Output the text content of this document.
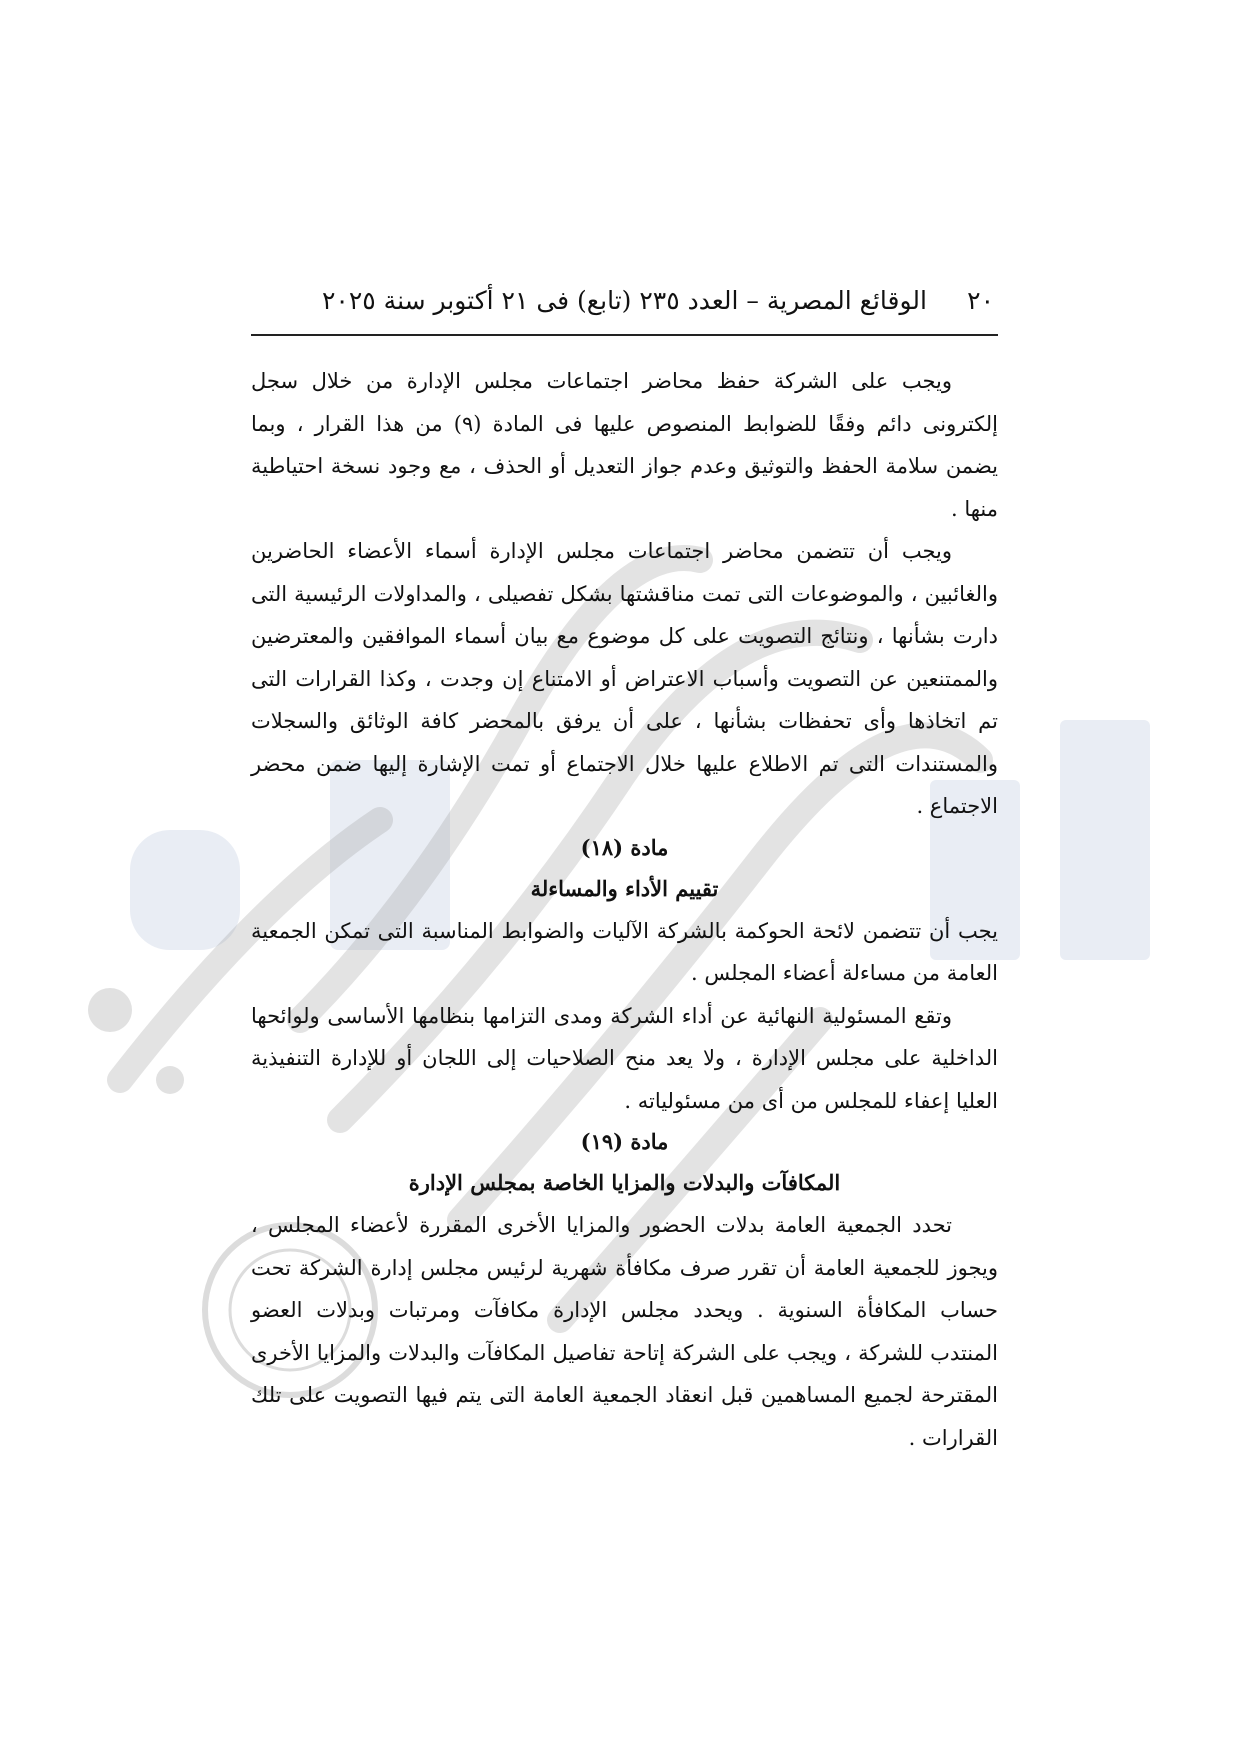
٢٠
الوقائع المصرية – العدد ٢٣٥ (تابع) فى ٢١ أكتوبر سنة ٢٠٢٥

ويجب على الشركة حفظ محاضر اجتماعات مجلس الإدارة من خلال سجل إلكترونى دائم وفقًا للضوابط المنصوص عليها فى المادة (٩) من هذا القرار ، وبما يضمن سلامة الحفظ والتوثيق وعدم جواز التعديل أو الحذف ، مع وجود نسخة احتياطية منها .

ويجب أن تتضمن محاضر اجتماعات مجلس الإدارة أسماء الأعضاء الحاضرين والغائبين ، والموضوعات التى تمت مناقشتها بشكل تفصيلى ، والمداولات الرئيسية التى دارت بشأنها ، ونتائج التصويت على كل موضوع مع بيان أسماء الموافقين والمعترضين والممتنعين عن التصويت وأسباب الاعتراض أو الامتناع إن وجدت ، وكذا القرارات التى تم اتخاذها وأى تحفظات بشأنها ، على أن يرفق بالمحضر كافة الوثائق والسجلات والمستندات التى تم الاطلاع عليها خلال الاجتماع أو تمت الإشارة إليها ضمن محضر الاجتماع .

مادة (١٨)

تقييم الأداء والمساءلة

يجب أن تتضمن لائحة الحوكمة بالشركة الآليات والضوابط المناسبة التى تمكن الجمعية العامة من مساءلة أعضاء المجلس .

وتقع المسئولية النهائية عن أداء الشركة ومدى التزامها بنظامها الأساسى ولوائحها الداخلية على مجلس الإدارة ، ولا يعد منح الصلاحيات إلى اللجان أو للإدارة التنفيذية العليا إعفاء للمجلس من أى من مسئولياته .

مادة (١٩)

المكافآت والبدلات والمزايا الخاصة بمجلس الإدارة

تحدد الجمعية العامة بدلات الحضور والمزايا الأخرى المقررة لأعضاء المجلس ، ويجوز للجمعية العامة أن تقرر صرف مكافأة شهرية لرئيس مجلس إدارة الشركة تحت حساب المكافأة السنوية . ويحدد مجلس الإدارة مكافآت ومرتبات وبدلات العضو المنتدب للشركة ، ويجب على الشركة إتاحة تفاصيل المكافآت والبدلات والمزايا الأخرى المقترحة لجميع المساهمين قبل انعقاد الجمعية العامة التى يتم فيها التصويت على تلك القرارات .
